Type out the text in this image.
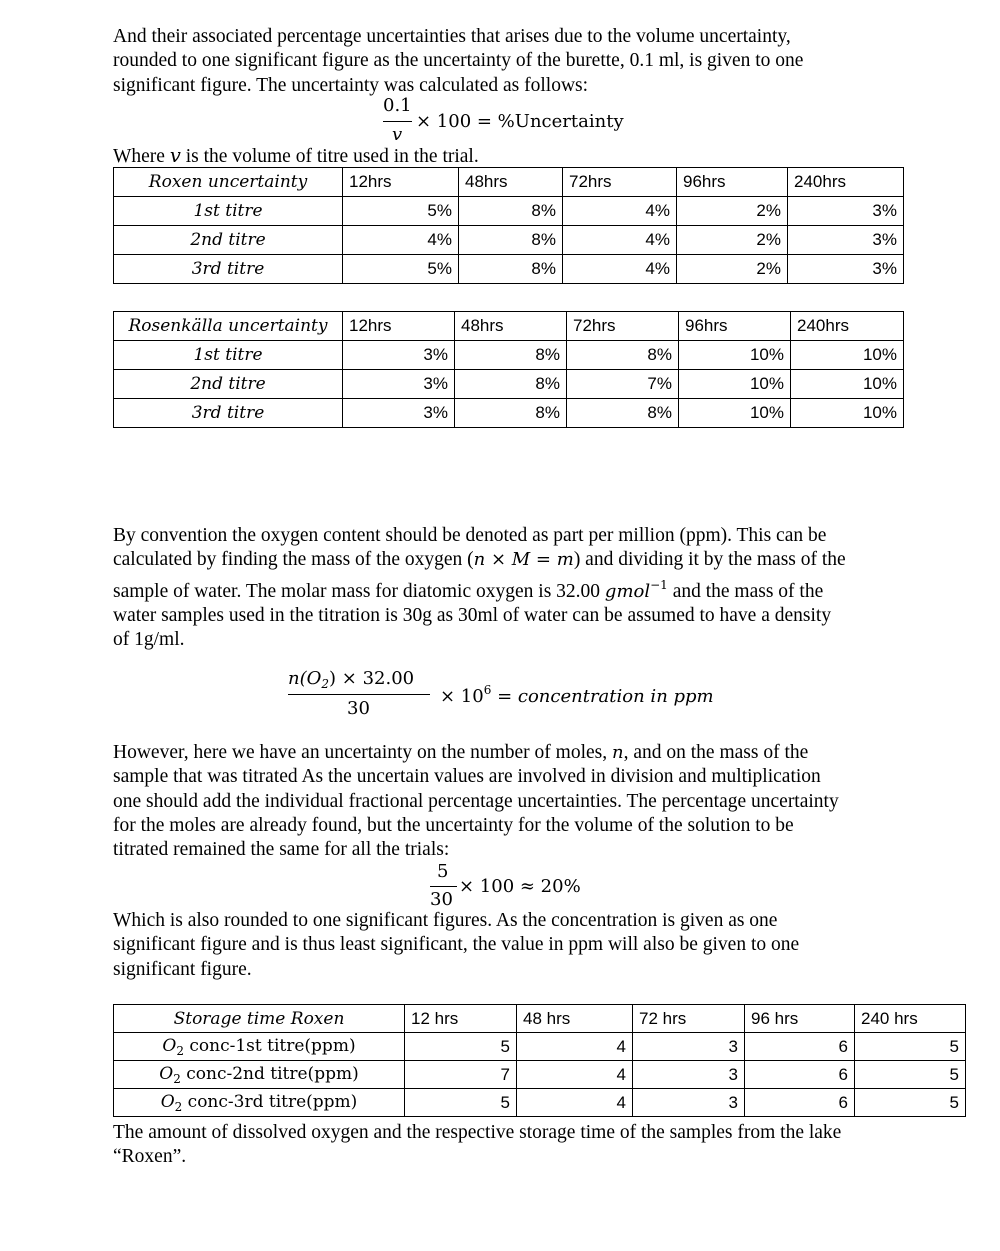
And their associated percentage uncertainties that arises due to the volume uncertainty,
rounded to one significant figure as the uncertainty of the burette, 0.1 ml, is given to one
significant figure. The uncertainty was calculated as follows:
0.1
v
× 100 = %Uncertainty
Where v is the volume of titre used in the trial.
Roxen uncertainty	12hrs	48hrs	72hrs	96hrs	240hrs
1st titre	5%	8%	4%	2%	3%
2nd titre	4%	8%	4%	2%	3%
3rd titre	5%	8%	4%	2%	3%
Rosenkälla uncertainty	12hrs	48hrs	72hrs	96hrs	240hrs
1st titre	3%	8%	8%	10%	10%
2nd titre	3%	8%	7%	10%	10%
3rd titre	3%	8%	8%	10%	10%
By convention the oxygen content should be denoted as part per million (ppm). This can be
calculated by finding the mass of the oxygen (n × M = m) and dividing it by the mass of the
sample of water. The molar mass for diatomic oxygen is 32.00 gmol$^{-1}$ and the mass of the
water samples used in the titration is 30g as 30ml of water can be assumed to have a density
of 1g/ml.
$n(O_2) \times 32.00$
30
× $10^6$ = concentration in ppm
However, here we have an uncertainty on the number of moles, n, and on the mass of the
sample that was titrated As the uncertain values are involved in division and multiplication
one should add the individual fractional percentage uncertainties. The percentage uncertainty
for the moles are already found, but the uncertainty for the volume of the solution to be
titrated remained the same for all the trials:
5
30
× 100 ≈ 20%
Which is also rounded to one significant figures. As the concentration is given as one
significant figure and is thus least significant, the value in ppm will also be given to one
significant figure.
Storage time Roxen	12 hrs	48 hrs	72 hrs	96 hrs	240 hrs
$O_2$ conc-1st titre(ppm)	5	4	3	6	5
$O_2$ conc-2nd titre(ppm)	7	4	3	6	5
$O_2$ conc-3rd titre(ppm)	5	4	3	6	5
The amount of dissolved oxygen and the respective storage time of the samples from the lake
“Roxen”.
